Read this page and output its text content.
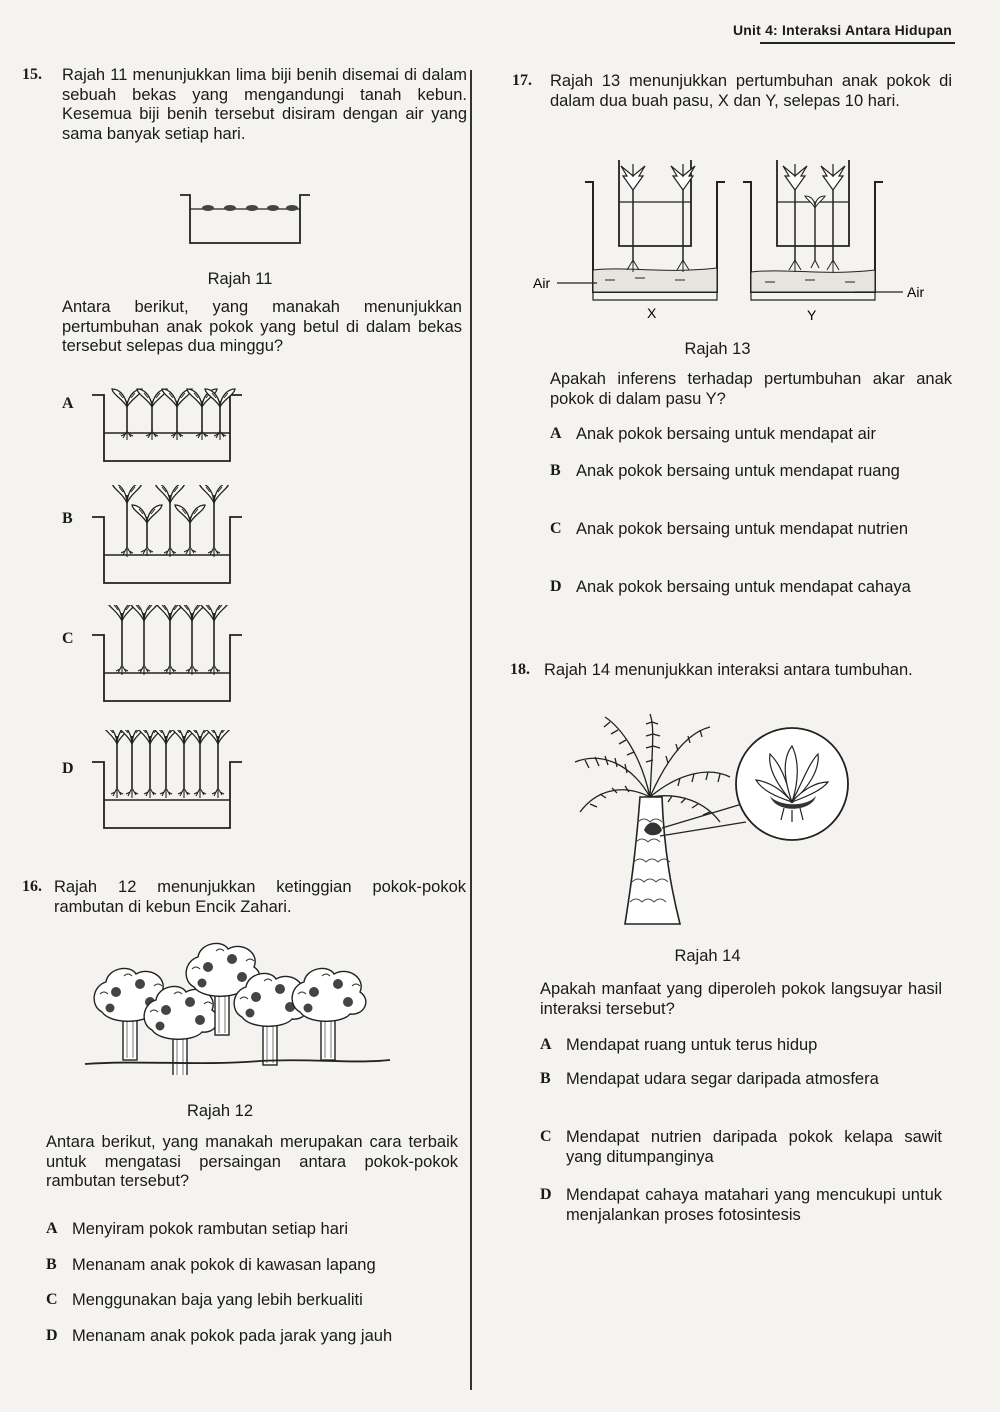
Unit 4: Interaksi Antara Hidupan
15. Rajah 11 menunjukkan lima biji benih disemai di dalam sebuah bekas yang mengandungi tanah kebun. Kesemua biji benih tersebut disiram dengan air yang sama banyak setiap hari.
Rajah 11
Antara berikut, yang manakah menunjukkan pertumbuhan anak pokok yang betul di dalam bekas tersebut selepas dua minggu?
A
B
C
D
16. Rajah 12 menunjukkan ketinggian pokok-pokok rambutan di kebun Encik Zahari.
Rajah 12
Antara berikut, yang manakah merupakan cara terbaik untuk mengatasi persaingan antara pokok-pokok rambutan tersebut?
A Menyiram pokok rambutan setiap hari
B Menanam anak pokok di kawasan lapang
C Menggunakan baja yang lebih berkualiti
D Menanam anak pokok pada jarak yang jauh
17. Rajah 13 menunjukkan pertumbuhan anak pokok di dalam dua buah pasu, X dan Y, selepas 10 hari.
Air
Air
X	Y
Rajah 13
Apakah inferens terhadap pertumbuhan akar anak pokok di dalam pasu Y?
A Anak pokok bersaing untuk mendapat air
B Anak pokok bersaing untuk mendapat ruang
C Anak pokok bersaing untuk mendapat nutrien
D Anak pokok bersaing untuk mendapat cahaya
18. Rajah 14 menunjukkan interaksi antara tumbuhan.
Rajah 14
Apakah manfaat yang diperoleh pokok langsuyar hasil interaksi tersebut?
A Mendapat ruang untuk terus hidup
B Mendapat udara segar daripada atmosfera
C Mendapat nutrien daripada pokok kelapa sawit yang ditumpanginya
D Mendapat cahaya matahari yang mencukupi untuk menjalankan proses fotosintesis
